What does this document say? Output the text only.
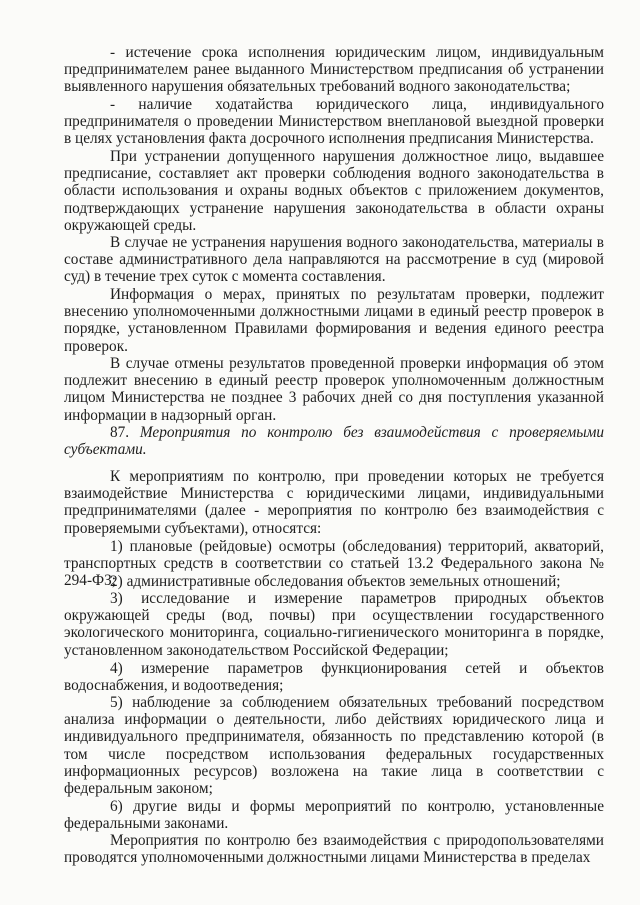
- истечение срока исполнения юридическим лицом, индивидуальным предпринимателем ранее выданного Министерством предписания об устранении выявленного нарушения обязательных требований водного законодательства;

- наличие ходатайства юридического лица, индивидуального предпринимателя о проведении Министерством внеплановой выездной проверки в целях установления факта досрочного исполнения предписания Министерства.

При устранении допущенного нарушения должностное лицо, выдавшее предписание, составляет акт проверки соблюдения водного законодательства в области использования и охраны водных объектов с приложением документов, подтверждающих устранение нарушения законодательства в области охраны окружающей среды.

В случае не устранения нарушения водного законодательства, материалы в составе административного дела направляются на рассмотрение в суд (мировой суд) в течение трех суток с момента составления.

Информация о мерах, принятых по результатам проверки, подлежит внесению уполномоченными должностными лицами в единый реестр проверок в порядке, установленном Правилами формирования и ведения единого реестра проверок.

В случае отмены результатов проведенной проверки информация об этом подлежит внесению в единый реестр проверок уполномоченным должностным лицом Министерства не позднее 3 рабочих дней со дня поступления указанной информации в надзорный орган.

87. Мероприятия по контролю без взаимодействия с проверяемыми субъектами.

К мероприятиям по контролю, при проведении которых не требуется взаимодействие Министерства с юридическими лицами, индивидуальными предпринимателями (далее - мероприятия по контролю без взаимодействия с проверяемыми субъектами), относятся:

1) плановые (рейдовые) осмотры (обследования) территорий, акваторий, транспортных средств в соответствии со статьей 13.2 Федерального закона № 294-ФЗ;

2) административные обследования объектов земельных отношений;

3) исследование и измерение параметров природных объектов окружающей среды (вод, почвы) при осуществлении государственного экологического мониторинга, социально-гигиенического мониторинга в порядке, установленном законодательством Российской Федерации;

4) измерение параметров функционирования сетей и объектов водоснабжения, и водоотведения;

5) наблюдение за соблюдением обязательных требований посредством анализа информации о деятельности, либо действиях юридического лица и индивидуального предпринимателя, обязанность по представлению которой (в том числе посредством использования федеральных государственных информационных ресурсов) возложена на такие лица в соответствии с федеральным законом;

6) другие виды и формы мероприятий по контролю, установленные федеральными законами.

Мероприятия по контролю без взаимодействия с природопользователями проводятся уполномоченными должностными лицами Министерства в пределах
